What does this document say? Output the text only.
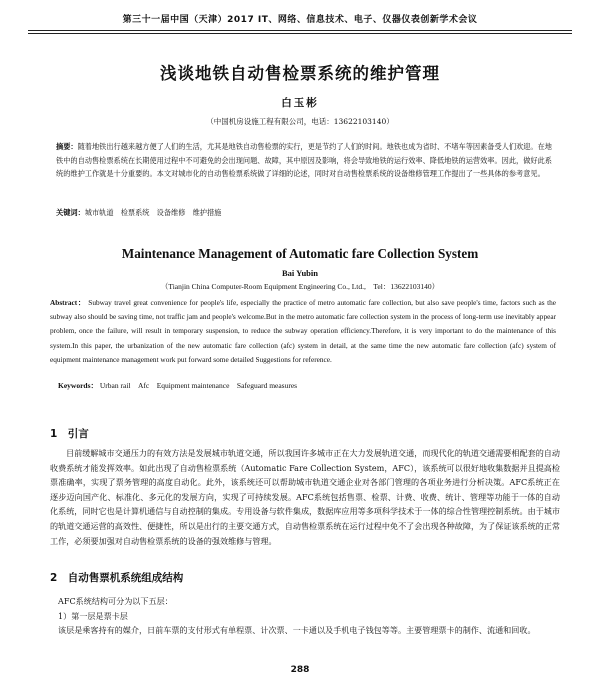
第三十一届中国（天津）2017 IT、网络、信息技术、电子、仪器仪表创新学术会议
浅谈地铁自动售检票系统的维护管理
白玉彬
（中国机房设施工程有限公司，电话：13622103140）
摘要：随着地铁出行越来越方便了人们的生活，尤其是地铁自动售检票的实行，更是节约了人们的时间。地铁也成为省时、不堵车等因素备受人们欢迎。在地铁中的自动售检票系统在长期使用过程中不可避免的会出现问题、故障，其中原因及影响，将会导致地铁的运行效率、降低地铁的运营效率。因此，做好此系统的维护工作就是十分重要的。本文对城市化的自动售检票系统做了详细的论述，同时对自动售检票系统的设备维修管理工作提出了一些具体的参考意见。
关键词：城市轨道　检票系统　设备维修　维护措施
Maintenance Management of Automatic fare Collection System
Bai Yubin
（Tianjin China Computer-Room Equipment Engineering Co., Ltd.,　Tel：13622103140）
Abstract： Subway travel great convenience for people's life, especially the practice of metro automatic fare collection, but also save people's time, factors such as the subway also should be saving time, not traffic jam and people's welcome.But in the metro automatic fare collection system in the process of long-term use inevitably appear problem, once the failure, will result in temporary suspension, to reduce the subway operation efficiency.Therefore, it is very important to do the maintenance of this system.In this paper, the urbanization of the new automatic fare collection (afc) system in detail, at the same time the new automatic fare collection (afc) system of equipment maintenance management work put forward some detailed Suggestions for reference.
Keywords： Urban rail　Afc　Equipment maintenance　Safeguard measures
1　引言
目前缓解城市交通压力的有效方法是发展城市轨道交通，所以我国许多城市正在大力发展轨道交通，而现代化的轨道交通需要相配套的自动收费系统才能发挥效率。如此出现了自动售检票系统（Automatic Fare Collection System，AFC），该系统可以很好地收集数据并且提高检票准确率，实现了票务管理的高度自动化。此外，该系统还可以帮助城市轨道交通企业对各部门管理的各项业务进行分析决策。AFC系统正在逐步迈向国产化、标准化、多元化的发展方向，实现了可持续发展。AFC系统包括售票、检票、计费、收费、统计、管理等功能于一体的自动化系统，同时它也是计算机通信与自动控制的集成。专用设备与软件集成，数据库应用等多项科学技术于一体的综合性管理控制系统。由于城市的轨道交通运营的高效性、便捷性，所以是出行的主要交通方式，自动售检票系统在运行过程中免不了会出现各种故障，为了保证该系统的正常工作，必须要加强对自动售检票系统的设备的强效维修与管理。
2　自动售票机系统组成结构

AFC系统结构可分为以下五层：

1）第一层是票卡层

该层是乘客持有的媒介，日前车票的支付形式有单程票、计次票、一卡通以及手机电子钱包等等。主要管理票卡的制作、流通和回收。

288
